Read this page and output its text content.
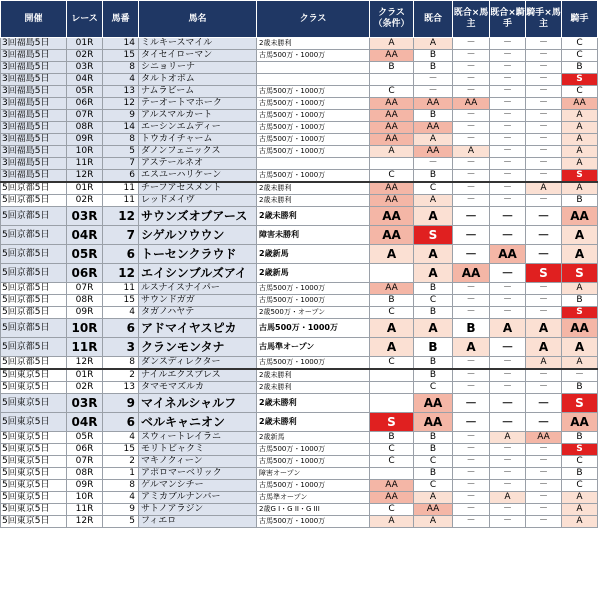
開催	レース	馬番	馬名	クラス	クラス（条件）	既合	既合×馬主	既合×騎手	騎手×馬主	騎手
3回福島5日	01R	14	ミルキースマイル	2歳未勝利	A	A	－	－	－	C
3回福島5日	02R	15	タイセイローマン	古馬500万・1000万	AA	B	－	－	－	C
3回福島5日	03R	8	シニョリーナ		B	B	－	－	－	B
3回福島5日	04R	4	タルトオボム			－	－	－	－	S
3回福島5日	05R	13	ナムラビーム	古馬500万・1000万	C	－	－	－	－	C
3回福島5日	06R	12	テーオートマホーク	古馬500万・1000万	AA	AA	AA	－	－	AA
3回福島5日	07R	9	アルスマルカート	古馬500万・1000万	AA	B	－	－	－	A
3回福島5日	08R	14	エーシンエムディー	古馬500万・1000万	AA	AA	－	－	－	A
3回福島5日	09R	8	トウカイチャーム	古馬500万・1000万	AA	A	－	－	－	A
3回福島5日	10R	5	ダノンフェニックス	古馬500万・1000万	A	AA	A	－	－	A
3回福島5日	11R	7	アステールネオ			－	－	－	－	A
3回福島5日	12R	6	エスユーハリケーン	古馬500万・1000万	C	B	－	－	－	S
5回京都5日	01R	11	チーフアセスメント	2歳未勝利	AA	C	－	－	A	A
5回京都5日	02R	11	レッドメイヴ	2歳未勝利	AA	A	－	－	－	B
5回京都5日	03R	12	サウンズオブアース	2歳未勝利	AA	A	－	－	－	AA
5回京都5日	04R	7	シゲルソウウン	障害未勝利	AA	S	－	－	－	A
5回京都5日	05R	6	トーセンクラウド	2歳新馬	A	A	－	AA	－	A
5回京都5日	06R	12	エイシンブルズアイ	2歳新馬		A	AA	－	S	S
5回京都5日	07R	11	ルスナイスナイパー	古馬500万・1000万	AA	B	－	－	－	A
5回京都5日	08R	15	サウンドガガ	古馬500万・1000万	B	C	－	－	－	B
5回京都5日	09R	4	タガノハヤテ	2歳500万・オープン	C	B	－	－	－	S
5回京都5日	10R	6	アドマイヤスピカ	古馬500万・1000万	A	A	B	A	A	AA
5回京都5日	11R	3	クランモンタナ	古馬準オープン	A	B	A	－	A	A
5回京都5日	12R	8	ダンスディレクター	古馬500万・1000万	C	B	－	－	A	A
5回東京5日	01R	2	ナイルエクスプレス	2歳未勝利		B	－	－	－	－
5回東京5日	02R	13	タマモマズルカ	2歳未勝利		C	－	－	－	B
5回東京5日	03R	9	マイネルシャルフ	2歳未勝利		AA	－	－	－	S
5回東京5日	04R	6	ベルキャニオン	2歳未勝利	S	AA	－	－	－	AA
5回東京5日	05R	4	スウィートレイラニ	2歳新馬	B	B	－	A	AA	B
5回東京5日	06R	15	モリトビャクミ	古馬500万・1000万	C	B	－	－	－	S
5回東京5日	07R	2	マキノクィーン	古馬500万・1000万	C	C	－	－	－	C
5回東京5日	08R	1	アポロマーベリック	障害オープン		B	－	－	－	B
5回東京5日	09R	8	ゲルマンシチー	古馬500万・1000万	AA	C	－	－	－	C
5回東京5日	10R	4	アミカブルナンバー	古馬準オープン	AA	A	－	A	－	A
5回東京5日	11R	9	サトノアラジン	2歳G I・G II・G III	C	AA	－	－	－	A
5回東京5日	12R	5	フィエロ	古馬500万・1000万	A	A	－	－	－	A
